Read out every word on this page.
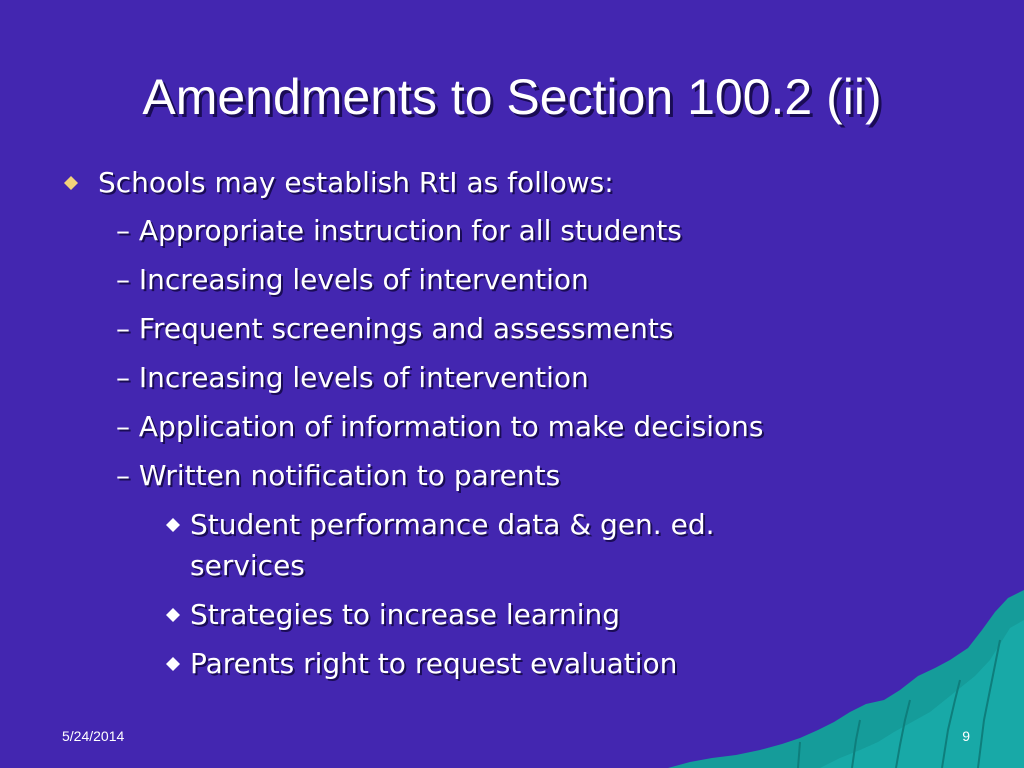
Amendments to Section 100.2 (ii)
Schools may establish RtI as follows:
– Appropriate instruction for all students
– Increasing levels of intervention
– Frequent screenings and assessments
– Increasing levels of intervention
– Application of information to make decisions
– Written notification to parents
Student performance data & gen. ed.
services
Strategies to increase learning
Parents right to request evaluation
5/24/2014	9
